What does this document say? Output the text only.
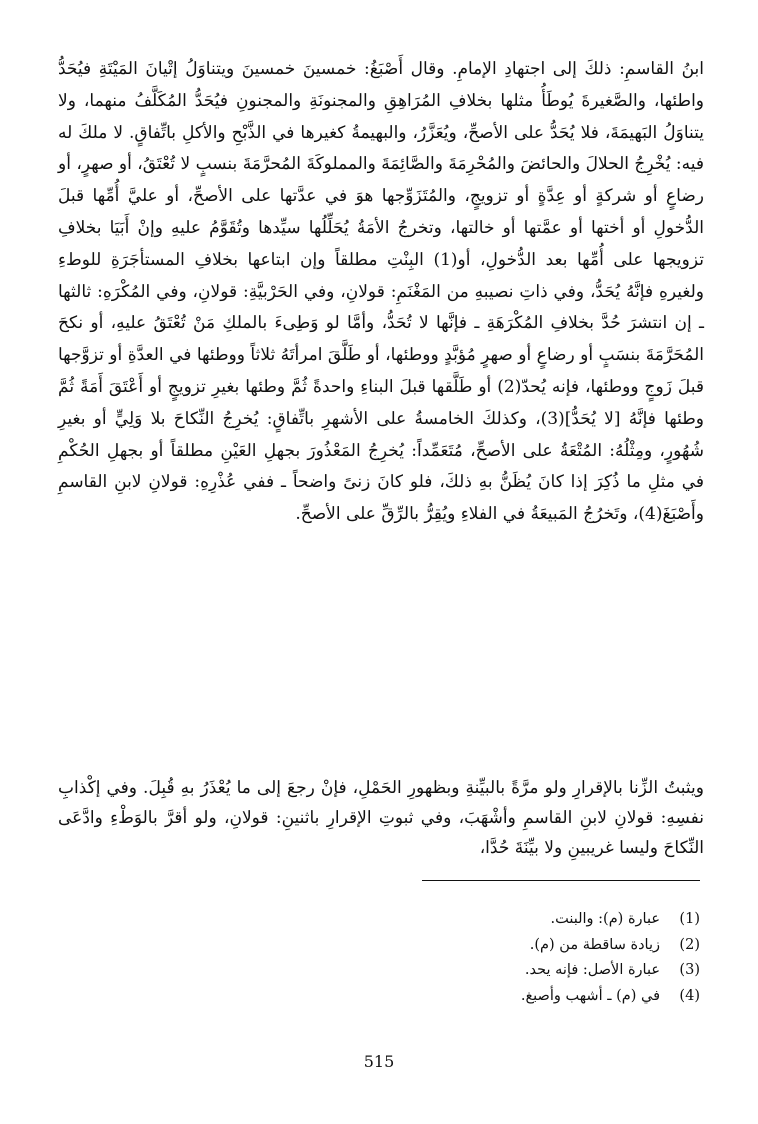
ابنُ القاسمِ: ذلكَ إلى اجتهادِ الإمامِ. وقال أَصْبَغُ: خمسينَ خمسينَ ويتناوَلُ إتْيانَ المَيْتَةِ فيُحَدُّ واطئها، والصَّغيرةَ يُوطَأُ مثلها بخلافِ المُرَاهِقِ والمجنونَةِ والمجنونِ فيُحَدُّ المُكَلَّفُ منهما، ولا يتناوَلُ البَهيمَةَ، فلا يُحَدُّ على الأصحِّ، ويُعَزَّرُ، والبهيمةُ كغيرها في الذَّبْحِ والأكلِ باتِّفاقٍ. لا ملكَ له فيه: يُخْرِجُ الحلالَ والحائضَ والمُحْرِمَةَ والصَّائِمَةَ والمملوكَةَ المُحرَّمَةَ بنسبٍ لا تُعْتَقُ، أو صهرٍ، أو رضاعٍ أو شركةٍ أو عِدَّةٍ أو تزويجٍ، والمُتَزَوِّجها هوَ في عدَّتها على الأصحِّ، أو عليَّ أُمِّها قبلَ الدُّخولِ أو أختها أو عمَّتها أو خالتها، وتخرجُ الأمَةُ يُحَلِّلُها سيِّدها وتُقَوَّمُ عليهِ وإنْ أَبَيَا بخلافِ تزويجها على أُمِّها بعد الدُّخولِ، أو(1) البِنْتِ مطلقاً وإن ابتاعها بخلافِ المستأجَرَةِ للوطءِ ولغيرهِ فإنَّهُ يُحَدُّ، وفي ذاتِ نصيبهِ من المَغْنَمِ: قولانِ، وفي الحَرْبيَّةِ: قولانِ، وفي المُكْرَهِ: ثالثها ـ إن انتشرَ حُدَّ بخلافِ المُكْرَهَةِ ـ فإنَّها لا تُحَدُّ، وأمَّا لو وَطِىءَ بالملكِ مَنْ تُعْتَقُ عليهِ، أو نكحَ المُحَرَّمَةَ بنسَبٍ أو رضاعٍ أو صهرٍ مُؤبَّدٍ ووطئها، أو طَلَّقَ امرأتَهُ ثلاثاً ووطئها في العدَّةِ أو تزوَّجها قبلَ زَوجٍ ووطئها، فإنه يُحدّ(2) أو طَلَّقها قبلَ البناءِ واحدةً ثُمَّ وطئها بغيرِ تزويجٍ أو أَعْتَقَ أَمَةً ثُمَّ وطئها فإنَّهُ [لا يُحَدُّ](3)، وكذلكَ الخامسةُ على الأشهرِ باتِّفاقٍ: يُخرِجُ النِّكاحَ بلا وَلِيٍّ أو بغيرِ شُهُورٍ، ومِثْلُهُ: المُتْعَةُ على الأصحِّ، مُتَعَمِّداً: يُخرِجُ المَعْذُورَ بجهلِ العَيْنِ مطلقاً أو بجهلِ الحُكْمِ في مثلِ ما ذُكِرَ إذا كانَ يُظَنُّ بهِ ذلكَ، فلو كانَ زنىً واضحاً ـ ففي عُذْرِهِ: قولانِ لابنِ القاسمِ وأَصْبَغَ(4)، وتَخرُجُ المَبيعَةُ في الفلاءِ ويُقِرُّ بالرِّقِّ على الأصحِّ.

ويثبتُ الزِّنا بالإقرارِ ولو مرَّةً بالبيِّنةِ وبظهورِ الحَمْلِ، فإنْ رجعَ إلى ما يُعْذَرُ بهِ قُبِلَ. وفي إكْذابِ نفسِهِ: قولانِ لابنِ القاسمِ وأشْهَبَ، وفي ثبوتِ الإقرارِ باثنينِ: قولانِ، ولو أقرَّ بالوَطْءِ وادَّعَى النِّكاحَ وليسا غريبينِ ولا بيِّنَةَ حُدَّا،

(1)
عبارة (م): والبنت.
(2)
زيادة ساقطة من (م).
(3)
عبارة الأصل: فإنه يحد.
(4)
في (م) ـ أشهب وأصبغ.
515
